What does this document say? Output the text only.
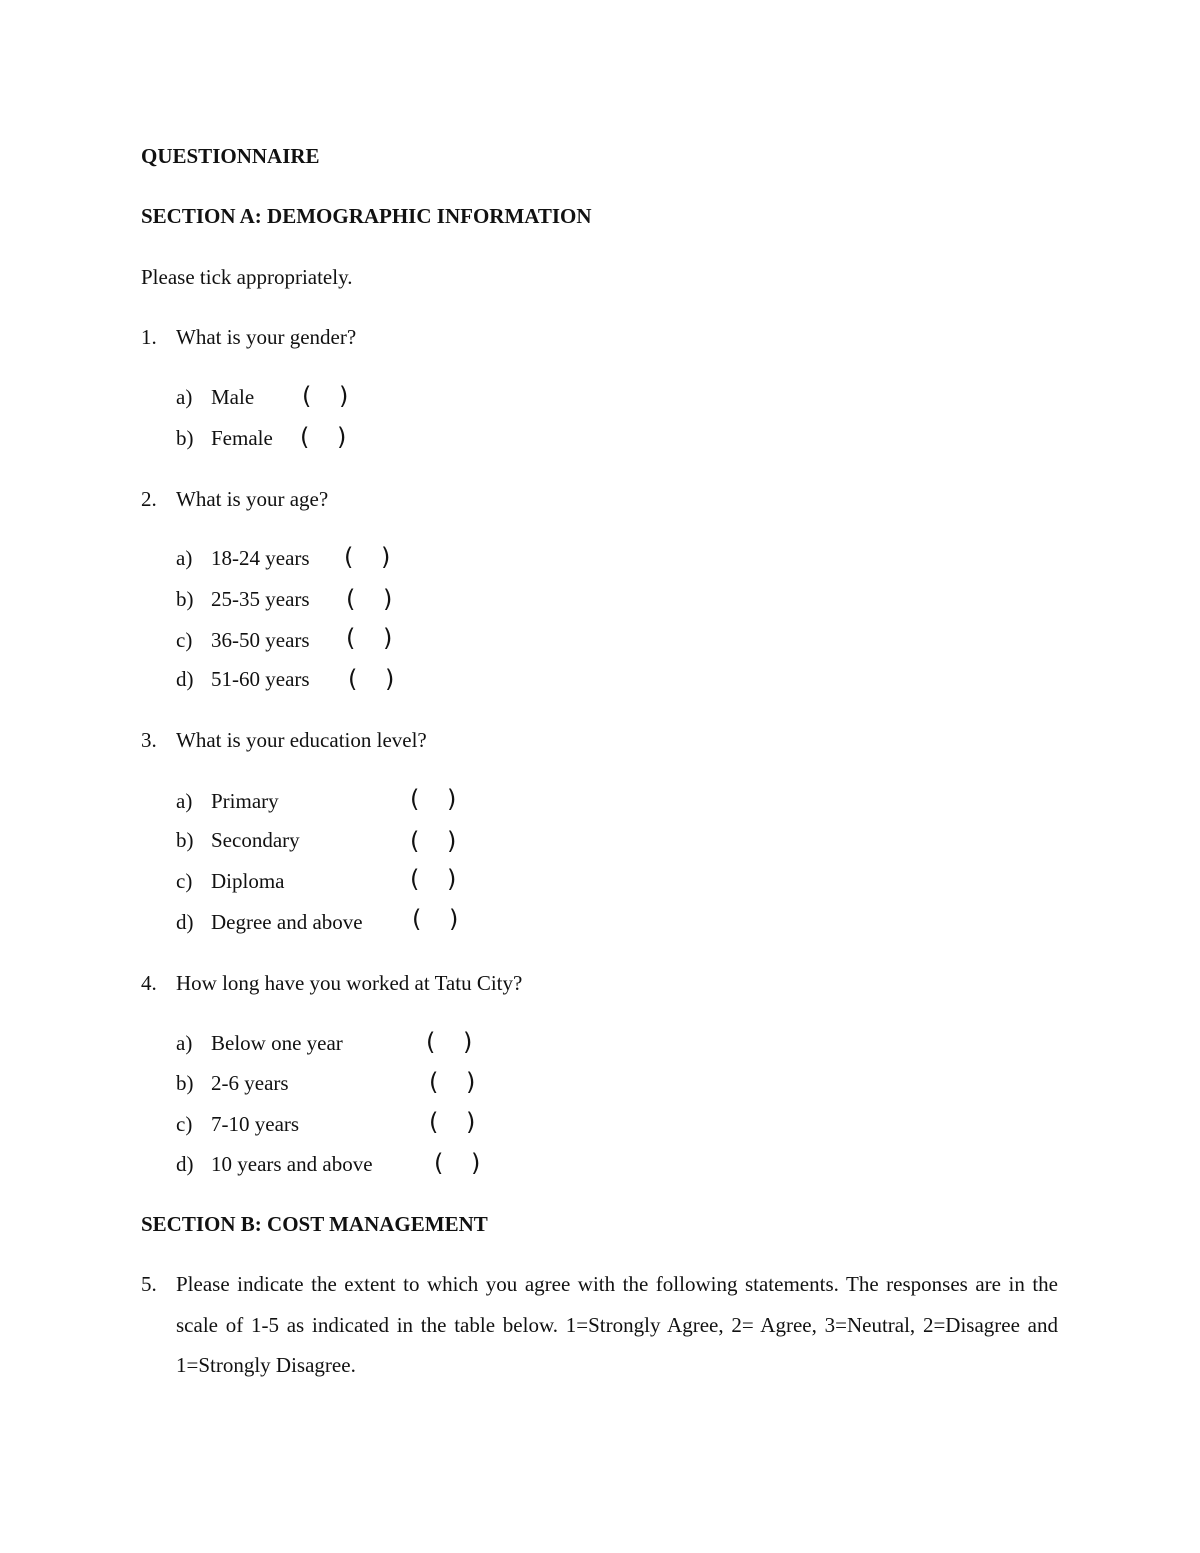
QUESTIONNAIRE
SECTION A: DEMOGRAPHIC INFORMATION
Please tick appropriately.
1. What is your gender?
a) Male ( )
b) Female ( )
2. What is your age?
a) 18-24 years ( )
b) 25-35 years ( )
c) 36-50 years ( )
d) 51-60 years ( )
3. What is your education level?
a) Primary	( )
b) Secondary	( )
c) Diploma	( )
d) Degree and above ( )
4. How long have you worked at Tatu City?
a) Below one year	( )
b) 2-6 years	( )
c) 7-10 years	( )
d) 10 years and above	( )
SECTION B: COST MANAGEMENT
5. Please indicate the extent to which you agree with the following statements. The responses are in the scale of 1-5 as indicated in the table below. 1=Strongly Agree, 2= Agree, 3=Neutral, 2=Disagree and 1=Strongly Disagree.
